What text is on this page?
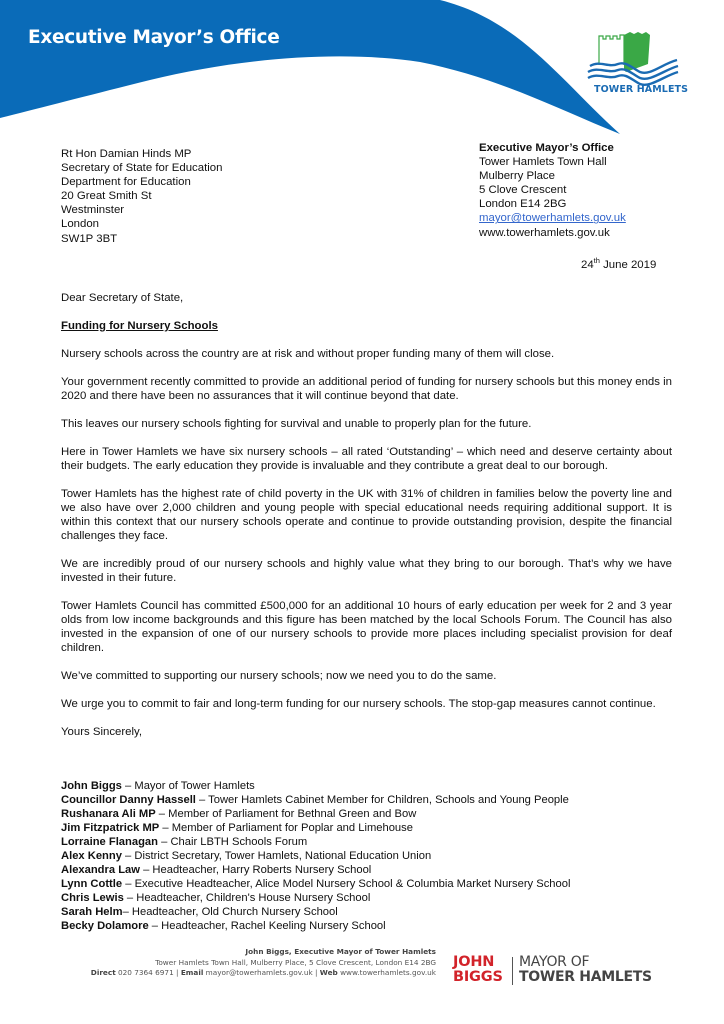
Executive Mayor’s Office
TOWER HAMLETS
Rt Hon Damian Hinds MP
Secretary of State for Education
Department for Education
20 Great Smith St
Westminster
London
SW1P 3BT
Executive Mayor’s Office
Tower Hamlets Town Hall
Mulberry Place
5 Clove Crescent
London E14 2BG
mayor@towerhamlets.gov.uk
www.towerhamlets.gov.uk
24th June 2019

Dear Secretary of State,

Funding for Nursery Schools

Nursery schools across the country are at risk and without proper funding many of them will close.

Your government recently committed to provide an additional period of funding for nursery schools but this money ends in 2020 and there have been no assurances that it will continue beyond that date.

This leaves our nursery schools fighting for survival and unable to properly plan for the future.

Here in Tower Hamlets we have six nursery schools – all rated ‘Outstanding’ – which need and deserve certainty about their budgets. The early education they provide is invaluable and they contribute a great deal to our borough.

Tower Hamlets has the highest rate of child poverty in the UK with 31% of children in families below the poverty line and we also have over 2,000 children and young people with special educational needs requiring additional support. It is within this context that our nursery schools operate and continue to provide outstanding provision, despite the financial challenges they face.

We are incredibly proud of our nursery schools and highly value what they bring to our borough. That’s why we have invested in their future.

Tower Hamlets Council has committed £500,000 for an additional 10 hours of early education per week for 2 and 3 year olds from low income backgrounds and this figure has been matched by the local Schools Forum. The Council has also invested in the expansion of one of our nursery schools to provide more places including specialist provision for deaf children.

We’ve committed to supporting our nursery schools; now we need you to do the same.

We urge you to commit to fair and long-term funding for our nursery schools. The stop-gap measures cannot continue.

Yours Sincerely,

John Biggs – Mayor of Tower Hamlets
Councillor Danny Hassell – Tower Hamlets Cabinet Member for Children, Schools and Young People
Rushanara Ali MP – Member of Parliament for Bethnal Green and Bow
Jim Fitzpatrick MP – Member of Parliament for Poplar and Limehouse
Lorraine Flanagan – Chair LBTH Schools Forum
Alex Kenny – District Secretary, Tower Hamlets, National Education Union
Alexandra Law – Headteacher, Harry Roberts Nursery School
Lynn Cottle – Executive Headteacher, Alice Model Nursery School & Columbia Market Nursery School
Chris Lewis – Headteacher, Children's House Nursery School
Sarah Helm– Headteacher, Old Church Nursery School
Becky Dolamore – Headteacher, Rachel Keeling Nursery School
John Biggs, Executive Mayor of Tower Hamlets
Tower Hamlets Town Hall, Mulberry Place, 5 Clove Crescent, London E14 2BG
Direct 020 7364 6971 | Email mayor@towerhamlets.gov.uk | Web www.towerhamlets.gov.uk
JOHN
BIGGS
MAYOR OF
TOWER HAMLETS
